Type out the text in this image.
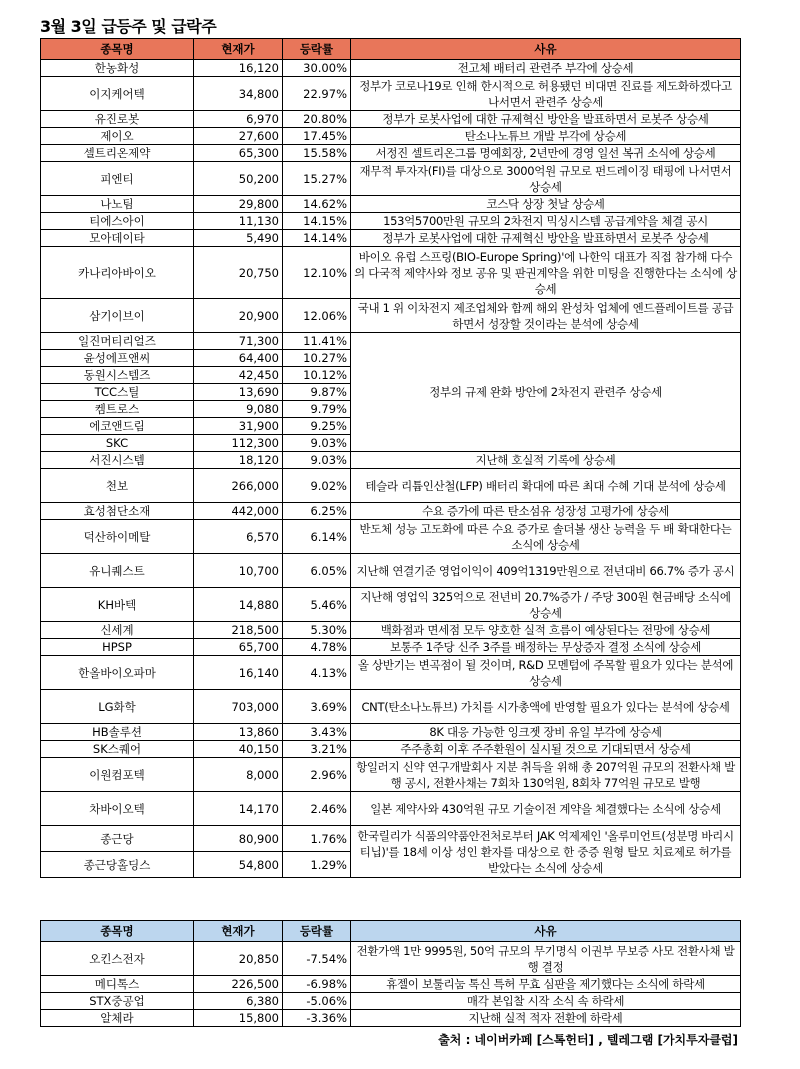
3월 3일 급등주 및 급락주
종목명	현재가	등락률	사유
한농화성	16,120	30.00%	전고체 배터리 관련주 부각에 상승세
이지케어텍	34,800	22.97%	정부가 코로나19로 인해 한시적으로 허용됐던 비대면 진료를 제도화하겠다고 나서면서 관련주 상승세
유진로봇	6,970	20.80%	정부가 로봇사업에 대한 규제혁신 방안을 발표하면서 로봇주 상승세
제이오	27,600	17.45%	탄소나노튜브 개발 부각에 상승세
셀트리온제약	65,300	15.58%	서정진 셀트리온그룹 명예회장, 2년만에 경영 일선 복귀 소식에 상승세
피엔티	50,200	15.27%	재무적 투자자(FI)를 대상으로 3000억원 규모로 펀드레이징 태핑에 나서면서 상승세
나노팀	29,800	14.62%	코스닥 상장 첫날 상승세
티에스아이	11,130	14.15%	153억5700만원 규모의 2차전지 믹싱시스템 공급계약을 체결 공시
모아데이타	5,490	14.14%	정부가 로봇사업에 대한 규제혁신 방안을 발표하면서 로봇주 상승세
카나리아바이오	20,750	12.10%	바이오 유럽 스프링(BIO-Europe Spring)'에 나한익 대표가 직접 참가해 다수의 다국적 제약사와 정보 공유 및 판권계약을 위한 미팅을 진행한다는 소식에 상승세
삼기이브이	20,900	12.06%	국내 1 위 이차전지 제조업체와 함께 해외 완성차 업체에 엔드플레이트를 공급하면서 성장할 것이라는 분석에 상승세
일진머티리얼즈	71,300	11.41%	정부의 규제 완화 방안에 2차전지 관련주 상승세
윤성에프앤씨	64,400	10.27%	
동원시스템즈	42,450	10.12%	
TCC스틸	13,690	9.87%	
켐트로스	9,080	9.79%	
에코앤드림	31,900	9.25%	
SKC	112,300	9.03%	
서진시스템	18,120	9.03%	지난해 호실적 기록에 상승세
천보	266,000	9.02%	테슬라 리튬인산철(LFP) 배터리 확대에 따른 최대 수혜 기대 분석에 상승세
효성첨단소재	442,000	6.25%	수요 증가에 따른 탄소섬유 성장성 고평가에 상승세
덕산하이메탈	6,570	6.14%	반도체 성능 고도화에 따른 수요 증가로 솔더볼 생산 능력을 두 배 확대한다는 소식에 상승세
유니퀘스트	10,700	6.05%	지난해 연결기준 영업이익이 409억1319만원으로 전년대비 66.7% 증가 공시
KH바텍	14,880	5.46%	지난해 영업익 325억으로 전년비 20.7%증가 / 주당 300원 현금배당 소식에 상승세
신세계	218,500	5.30%	백화점과 면세점 모두 양호한 실적 흐름이 예상된다는 전망에 상승세
HPSP	65,700	4.78%	보통주 1주당 신주 3주를 배정하는 무상증자 결정 소식에 상승세
한올바이오파마	16,140	4.13%	올 상반기는 변곡점이 될 것이며, R&D 모멘텀에 주목할 필요가 있다는 분석에 상승세
LG화학	703,000	3.69%	CNT(탄소나노튜브) 가치를 시가총액에 반영할 필요가 있다는 분석에 상승세
HB솔루션	13,860	3.43%	8K 대응 가능한 잉크젯 장비 유일 부각에 상승세
SK스퀘어	40,150	3.21%	주주총회 이후 주주환원이 실시될 것으로 기대되면서 상승세
이원컴포텍	8,000	2.96%	항일러지 신약 연구개발회사 지분 취득을 위해 총 207억원 규모의 전환사채 발행 공시, 전환사채는 7회차 130억원, 8회차 77억원 규모로 발행
차바이오텍	14,170	2.46%	일본 제약사와 430억원 규모 기술이전 계약을 체결했다는 소식에 상승세
종근당	80,900	1.76%	한국릴리가 식품의약품안전처로부터 JAK 억제제인 '올루미언트(성분명 바리시티닙)'를 18세 이상 성인 환자를 대상으로 한 중증 원형 탈모 치료제로 허가를 받았다는 소식에 상승세
종근당홀딩스	54,800	1.29%	
종목명	현재가	등락률	사유
오킨스전자	20,850	-7.54%	전환가액 1만 9995원, 50억 규모의 무기명식 이권부 무보증 사모 전환사채 발행 결정
메디톡스	226,500	-6.98%	휴젤이 보툴리눔 톡신 특허 무효 심판을 제기했다는 소식에 하락세
STX중공업	6,380	-5.06%	매각 본입찰 시작 소식 속 하락세
알체라	15,800	-3.36%	지난해 실적 적자 전환에 하락세
출처 : 네이버카페 [스톡헌터] , 텔레그램 [가치투자클럽]
